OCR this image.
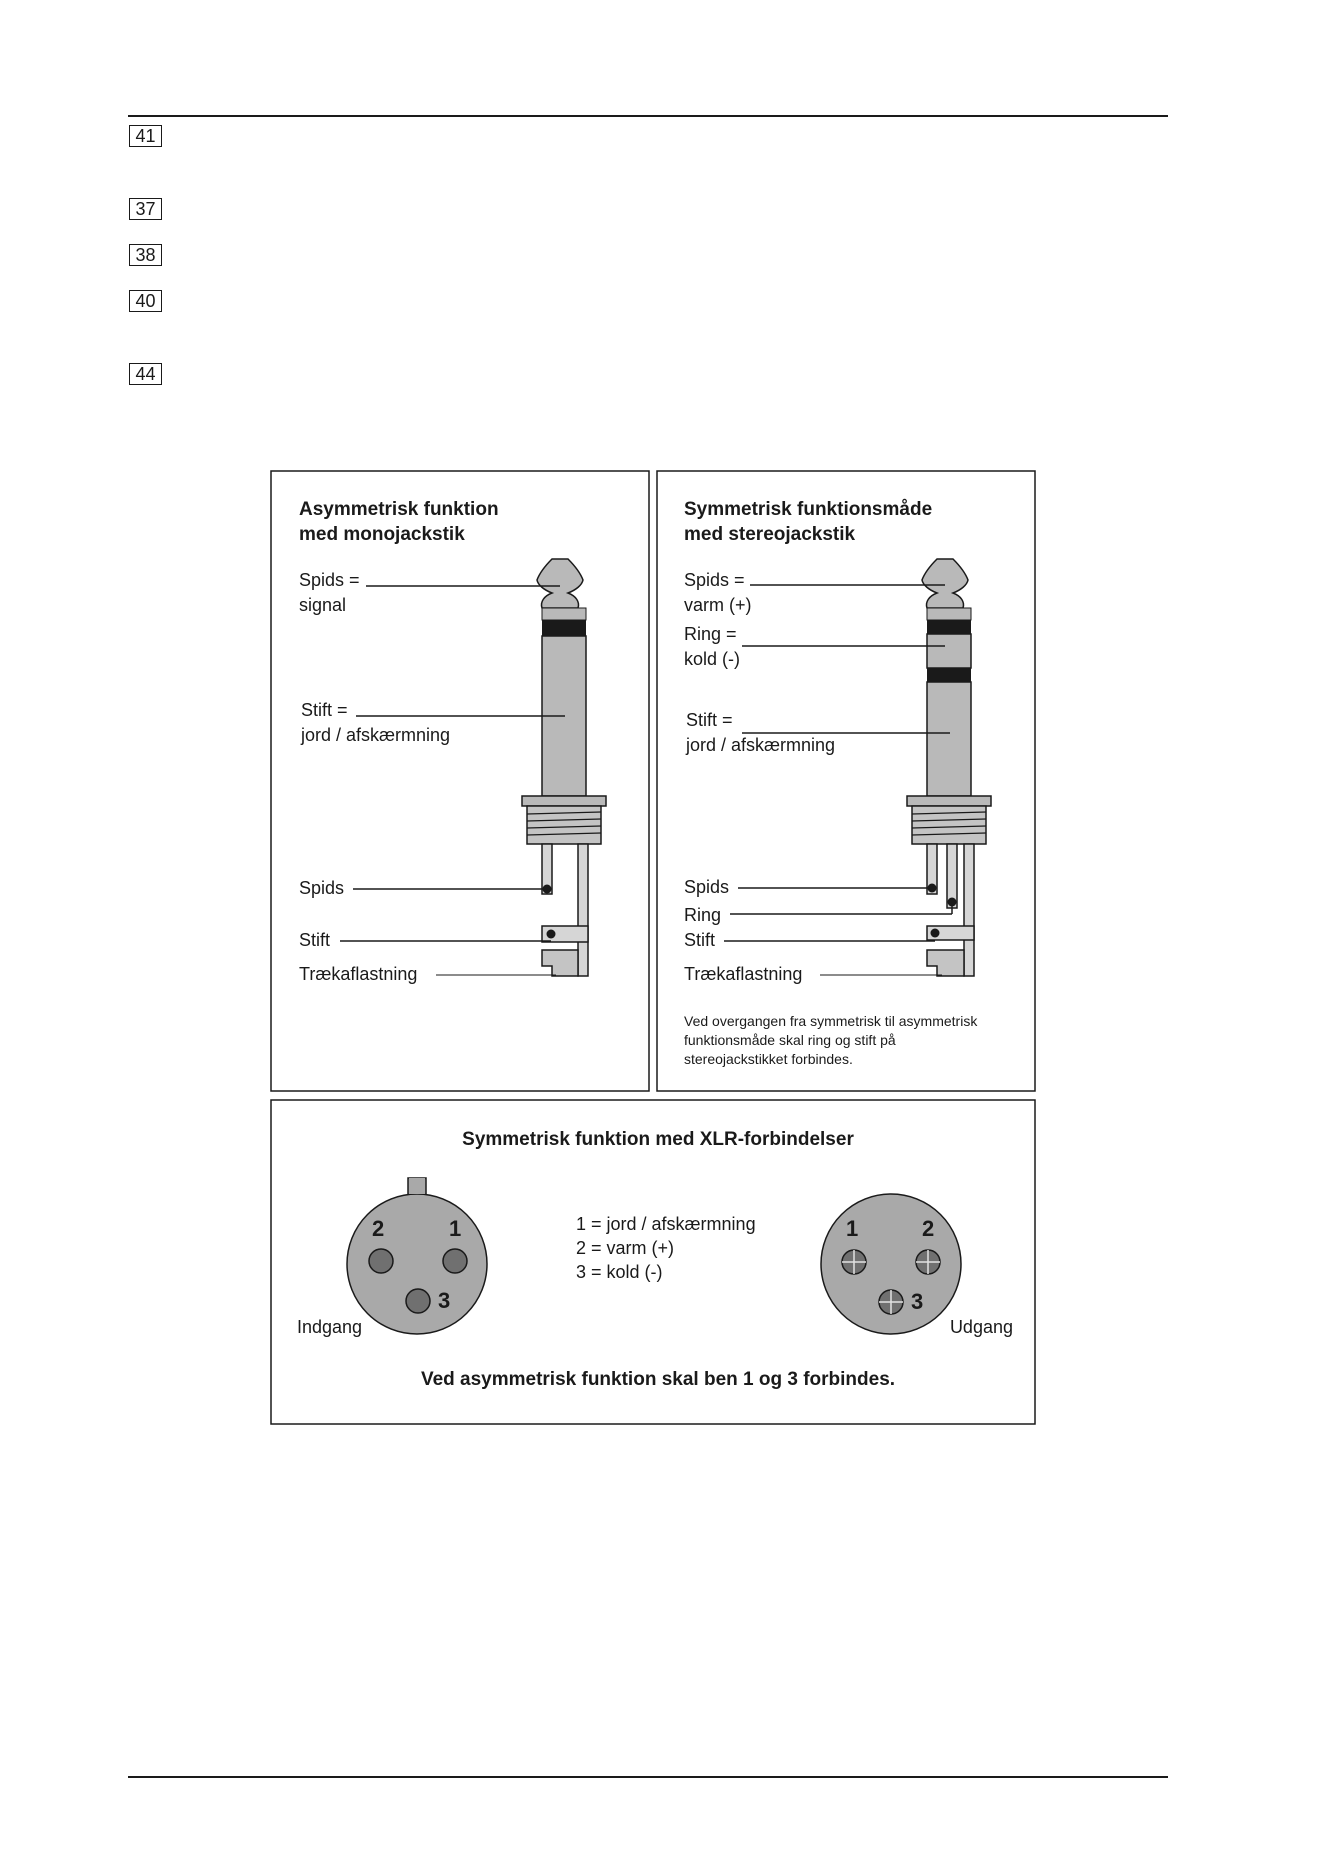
41
37
38
40
44
Asymmetrisk funktion
med monojackstik
Spids =
signal
Stift =
jord / afskærmning
Spids
Stift
Trækaflastning
Symmetrisk funktionsmåde
med stereojackstik
Spids =
varm (+)
Ring =
kold (-)
Stift =
jord / afskærmning
Spids
Ring
Stift
Trækaflastning
Ved overgangen fra symmetrisk til asymmetrisk
funktionsmåde skal ring og stift på
stereojackstikket forbindes.
Symmetrisk funktion med XLR-forbindelser
2	1
3
Indgang
1 = jord / afskærmning
2 = varm (+)
3 = kold (-)
1	2
3
Udgang
Ved asymmetrisk funktion skal ben 1 og 3 forbindes.
